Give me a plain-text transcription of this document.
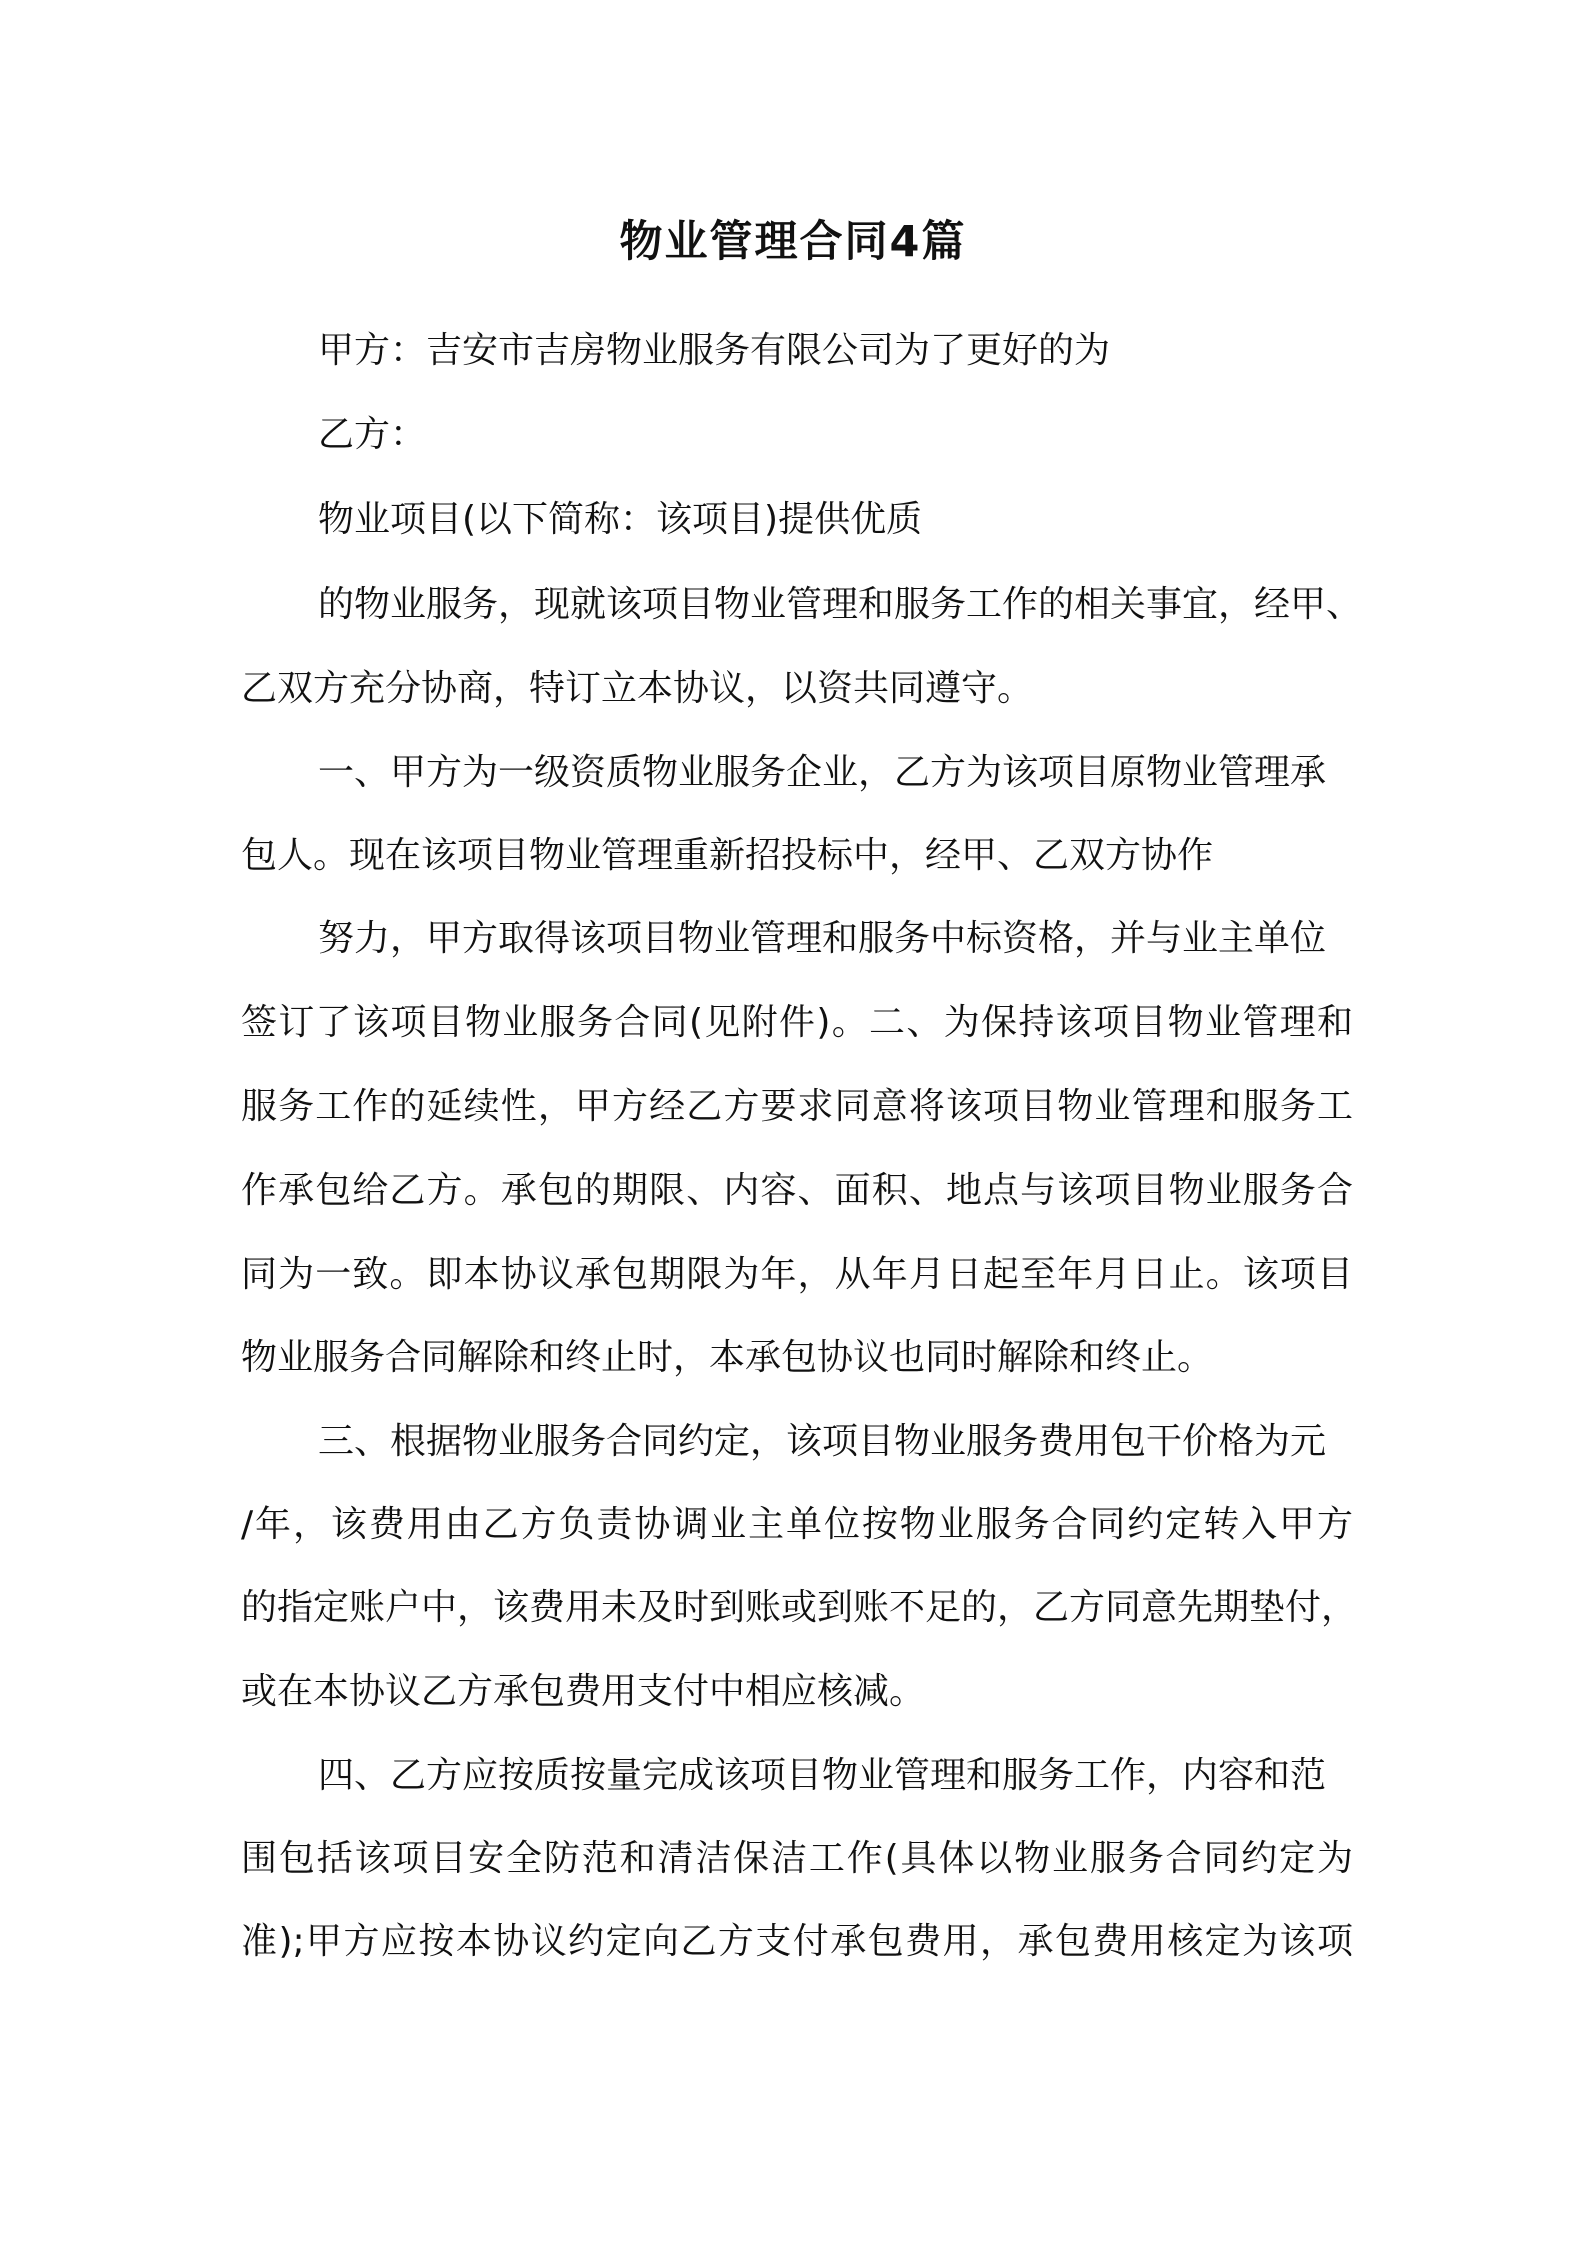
物业管理合同4篇

甲方：吉安市吉房物业服务有限公司为了更好的为

乙方：

物业项目(以下简称：该项目)提供优质

的物业服务，现就该项目物业管理和服务工作的相关事宜，经甲、

乙双方充分协商，特订立本协议，以资共同遵守。

一、甲方为一级资质物业服务企业，乙方为该项目原物业管理承

包人。现在该项目物业管理重新招投标中，经甲、乙双方协作

努力，甲方取得该项目物业管理和服务中标资格，并与业主单位

签订了该项目物业服务合同(见附件)。二、为保持该项目物业管理和

服务工作的延续性，甲方经乙方要求同意将该项目物业管理和服务工

作承包给乙方。承包的期限、内容、面积、地点与该项目物业服务合

同为一致。即本协议承包期限为年，从年月日起至年月日止。该项目

物业服务合同解除和终止时，本承包协议也同时解除和终止。

三、根据物业服务合同约定，该项目物业服务费用包干价格为元

/年，该费用由乙方负责协调业主单位按物业服务合同约定转入甲方

的指定账户中，该费用未及时到账或到账不足的，乙方同意先期垫付，

或在本协议乙方承包费用支付中相应核减。

四、乙方应按质按量完成该项目物业管理和服务工作，内容和范

围包括该项目安全防范和清洁保洁工作(具体以物业服务合同约定为

准);甲方应按本协议约定向乙方支付承包费用，承包费用核定为该项
